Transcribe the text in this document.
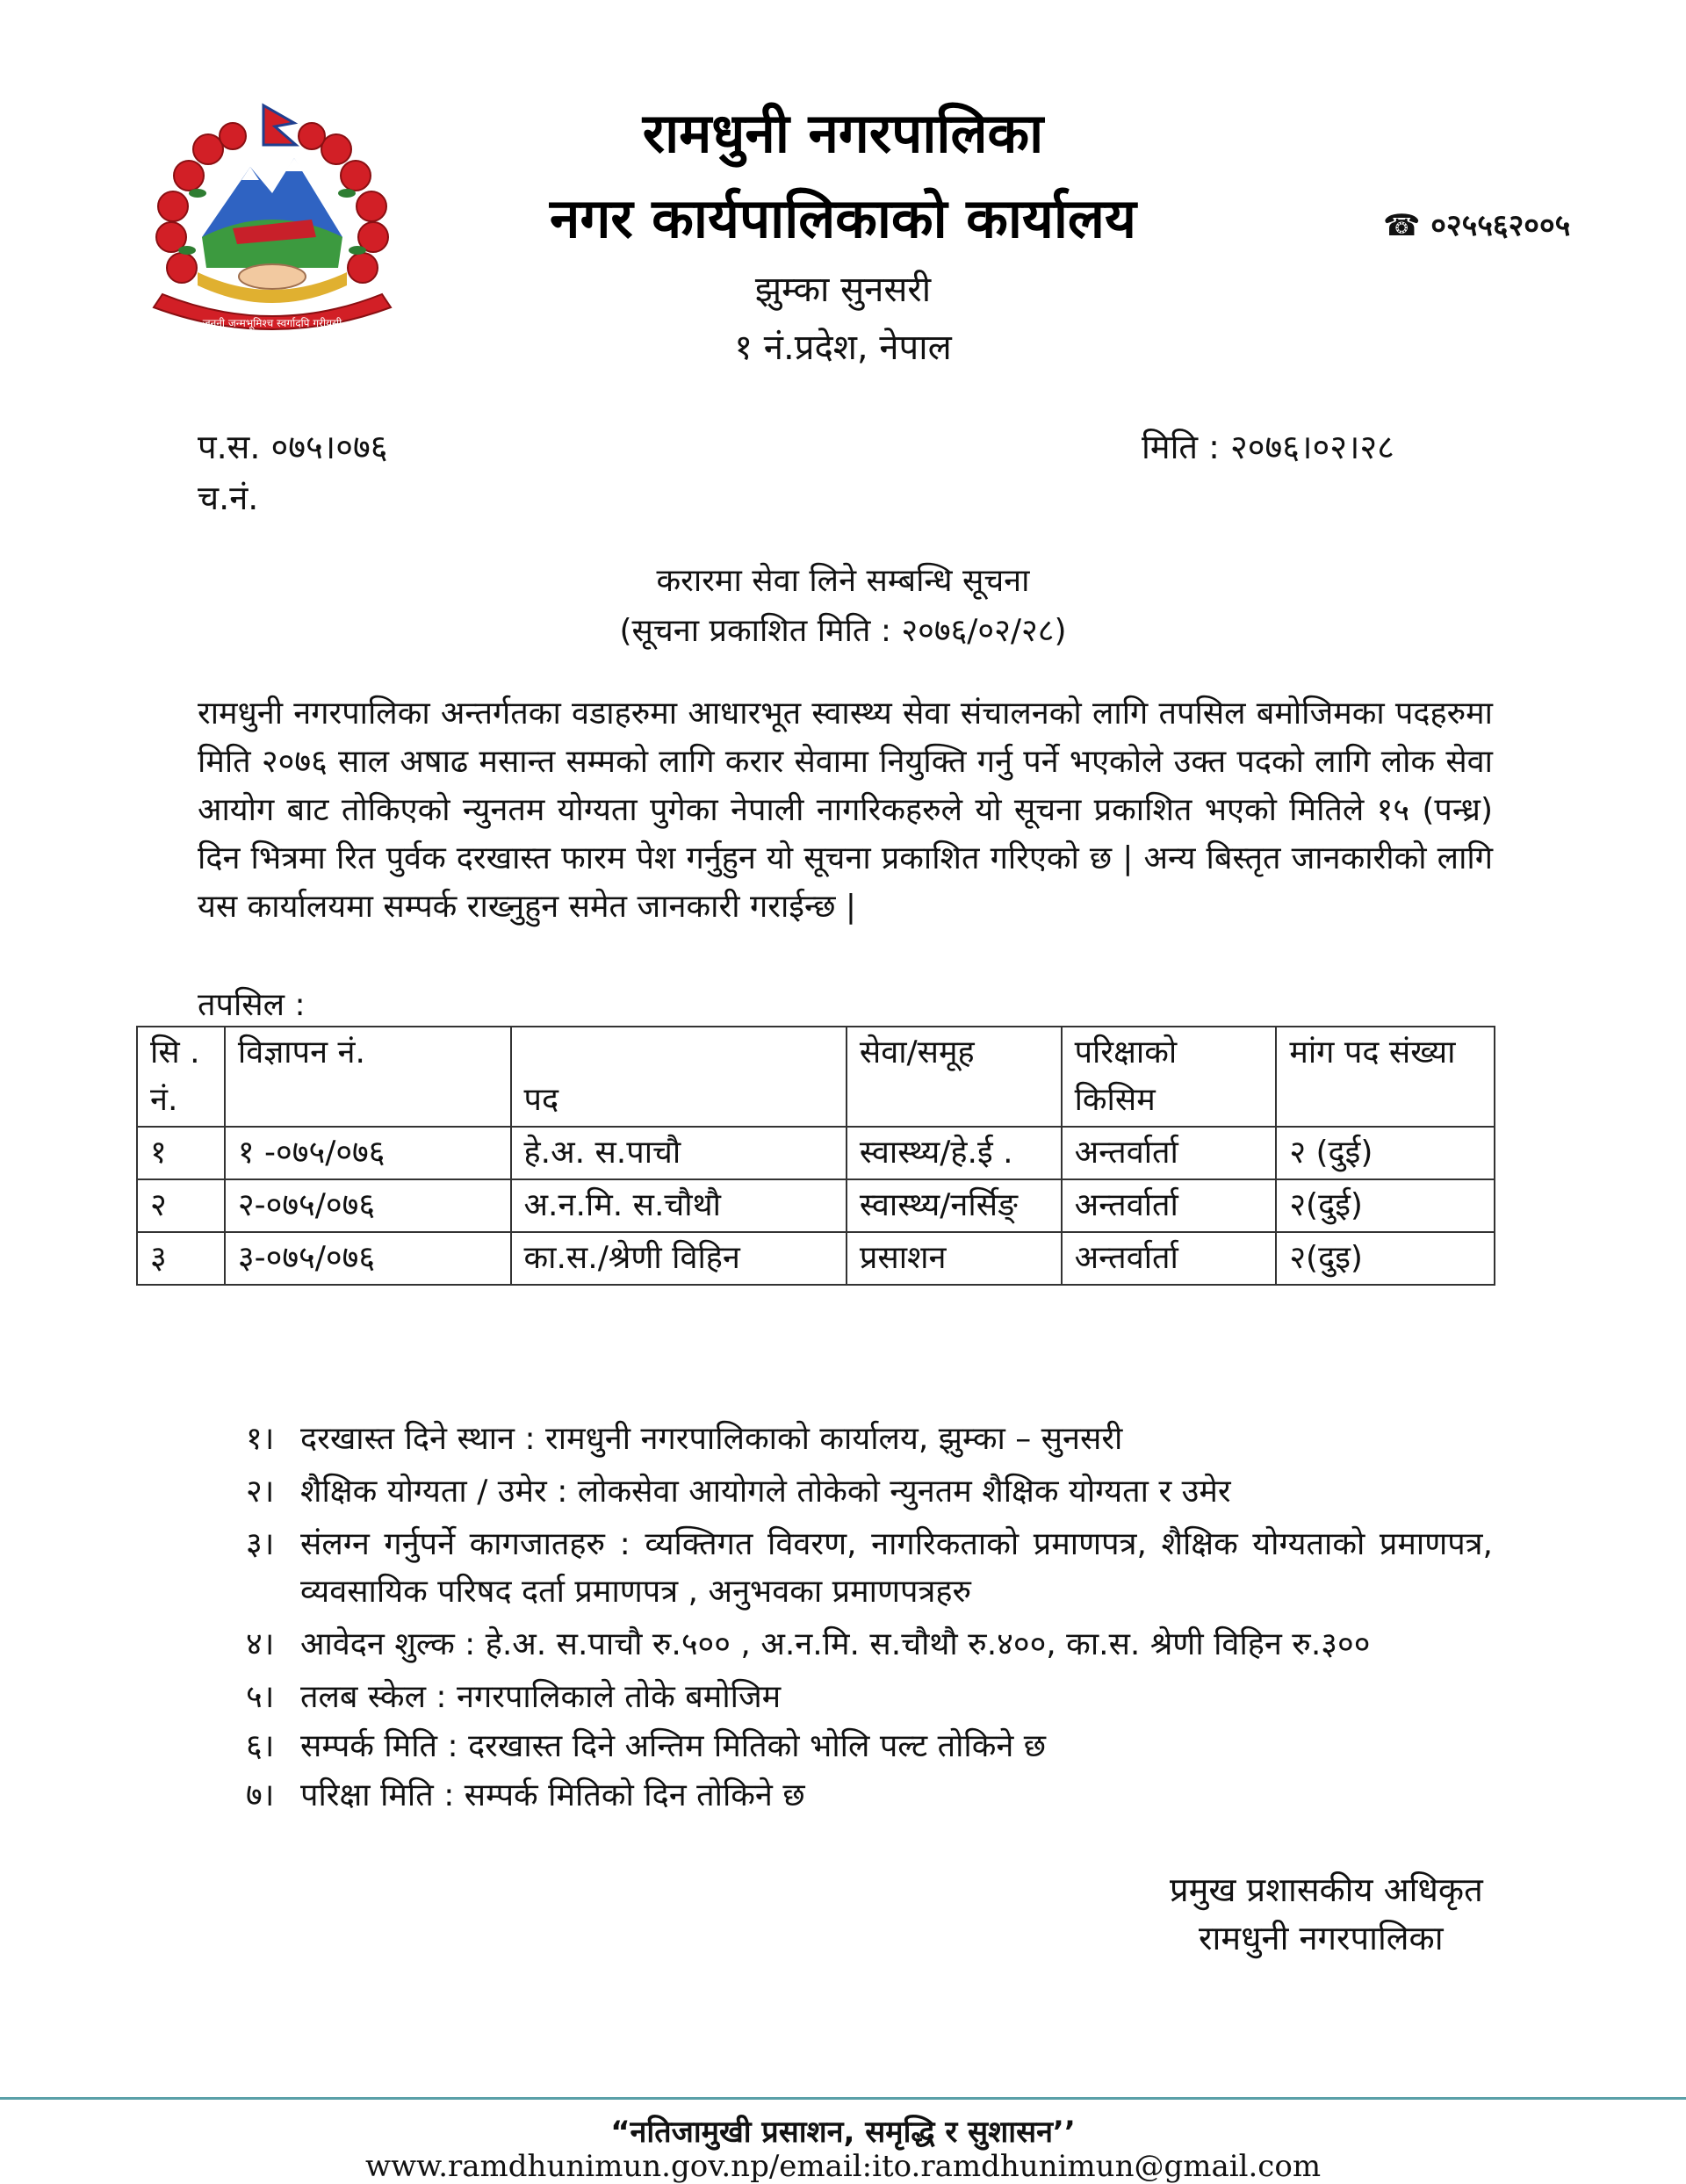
जननी जन्मभूमिश्च स्वर्गादपि गरीयसी
रामधुनी नगरपालिका
नगर कार्यपालिकाको कार्यालय
झुम्का सुनसरी
१ नं.प्रदेश, नेपाल
☎ ०२५५६२००५
प.स. ०७५।०७६
च.नं.
मिति : २०७६।०२।२८
करारमा सेवा लिने सम्बन्धि सूचना
(सूचना प्रकाशित मिति : २०७६/०२/२८)
रामधुनी नगरपालिका अन्तर्गतका वडाहरुमा आधारभूत स्वास्थ्य सेवा संचालनको लागि तपसिल बमोजिमका पदहरुमा मिति २०७६ साल अषाढ मसान्त सम्मको लागि करार सेवामा नियुक्ति गर्नु पर्ने भएकोले उक्त पदको लागि लोक सेवा आयोग बाट तोकिएको न्युनतम योग्यता पुगेका नेपाली नागरिकहरुले यो सूचना प्रकाशित भएको मितिले १५ (पन्ध्र) दिन भित्रमा रित पुर्वक दरखास्त फारम पेश गर्नुहुन यो सूचना प्रकाशित गरिएको छ | अन्य बिस्तृत जानकारीको लागि यस कार्यालयमा सम्पर्क राख्नुहुन समेत जानकारी गराईन्छ |
तपसिल :
सि . नं.	विज्ञापन नं.	पद	सेवा/समूह	परिक्षाको किसिम	मांग पद संख्या
१	१ -०७५/०७६	हे.अ. स.पाचौ	स्वास्थ्य/हे.ई .	अन्तर्वार्ता	२ (दुई)
२	२-०७५/०७६	अ.न.मि. स.चौथौ	स्वास्थ्य/नर्सिङ्	अन्तर्वार्ता	२(दुई)
३	३-०७५/०७६	का.स./श्रेणी विहिन	प्रसाशन	अन्तर्वार्ता	२(दुइ)
१। दरखास्त दिने स्थान : रामधुनी नगरपालिकाको कार्यालय, झुम्का – सुनसरी
२। शैक्षिक योग्यता / उमेर : लोकसेवा आयोगले तोकेको न्युनतम शैक्षिक योग्यता र उमेर
३। संलग्न गर्नुपर्ने कागजातहरु : व्यक्तिगत विवरण, नागरिकताको प्रमाणपत्र, शैक्षिक योग्यताको प्रमाणपत्र, व्यवसायिक परिषद दर्ता प्रमाणपत्र , अनुभवका प्रमाणपत्रहरु
४। आवेदन शुल्क : हे.अ. स.पाचौ रु.५०० , अ.न.मि. स.चौथौ रु.४००, का.स. श्रेणी विहिन रु.३००
५। तलब स्केल : नगरपालिकाले तोके बमोजिम
६। सम्पर्क मिति : दरखास्त दिने अन्तिम मितिको भोलि पल्ट तोकिने छ
७। परिक्षा मिति : सम्पर्क मितिको दिन तोकिने छ
प्रमुख प्रशासकीय अधिकृत
रामधुनी नगरपालिका
“नतिजामुखी प्रसाशन, समृद्धि र सुशासन’’
www.ramdhunimun.gov.np/email:ito.ramdhunimun@gmail.com
